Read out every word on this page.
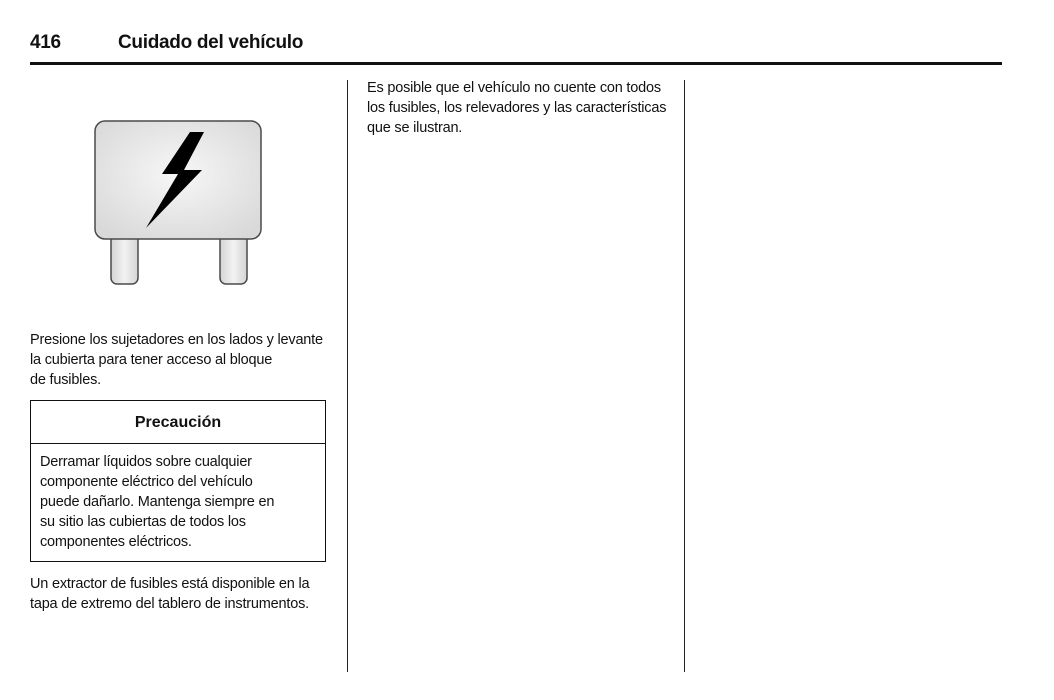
416	Cuidado del vehículo

Presione los sujetadores en los lados y levante
la cubierta para tener acceso al bloque
de fusibles.

Precaución

Derramar líquidos sobre cualquier
componente eléctrico del vehículo
puede dañarlo. Mantenga siempre en
su sitio las cubiertas de todos los
componentes eléctricos.

Un extractor de fusibles está disponible en la
tapa de extremo del tablero de instrumentos.

Es posible que el vehículo no cuente con todos
los fusibles, los relevadores y las características
que se ilustran.
